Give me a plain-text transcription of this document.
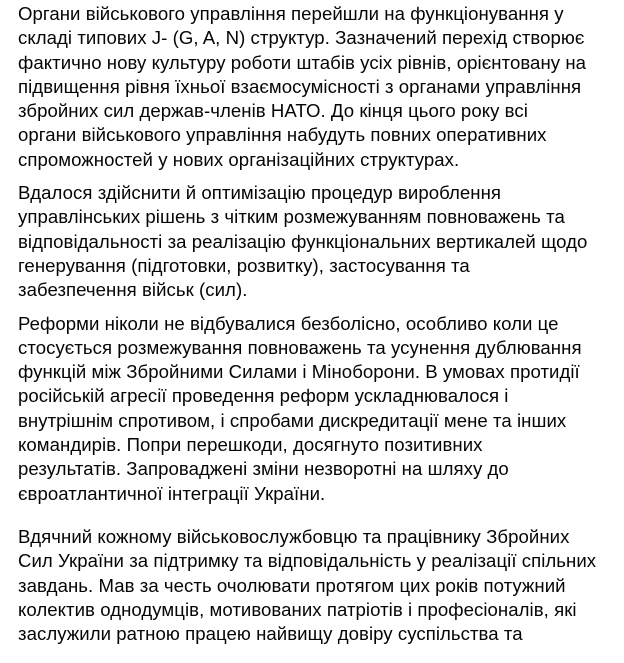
Органи військового управління перейшли на функціонування у
складі типових J- (G, A, N) структур. Зазначений перехід створює
фактично нову культуру роботи штабів усіх рівнів, орієнтовану на
підвищення рівня їхньої взаємосумісності з органами управління
збройних сил держав-членів НАТО. До кінця цього року всі
органи військового управління набудуть повних оперативних
спроможностей у нових організаційних структурах.
Вдалося здійснити й оптимізацію процедур вироблення
управлінських рішень з чітким розмежуванням повноважень та
відповідальності за реалізацію функціональних вертикалей щодо
генерування (підготовки, розвитку), застосування та
забезпечення військ (сил).
Реформи ніколи не відбувалися безболісно, особливо коли це
стосується розмежування повноважень та усунення дублювання
функцій між Збройними Силами і Міноборони. В умовах протидії
російській агресії проведення реформ ускладнювалося і
внутрішнім спротивом, і спробами дискредитації мене та інших
командирів. Попри перешкоди, досягнуто позитивних
результатів. Запроваджені зміни незворотні на шляху до
євроатлантичної інтеграції України.
Вдячний кожному військовослужбовцю та працівнику Збройних
Сил України за підтримку та відповідальність у реалізації спільних
завдань. Мав за честь очолювати протягом цих років потужний
колектив однодумців, мотивованих патріотів і професіоналів, які
заслужили ратною працею найвищу довіру суспільства та
